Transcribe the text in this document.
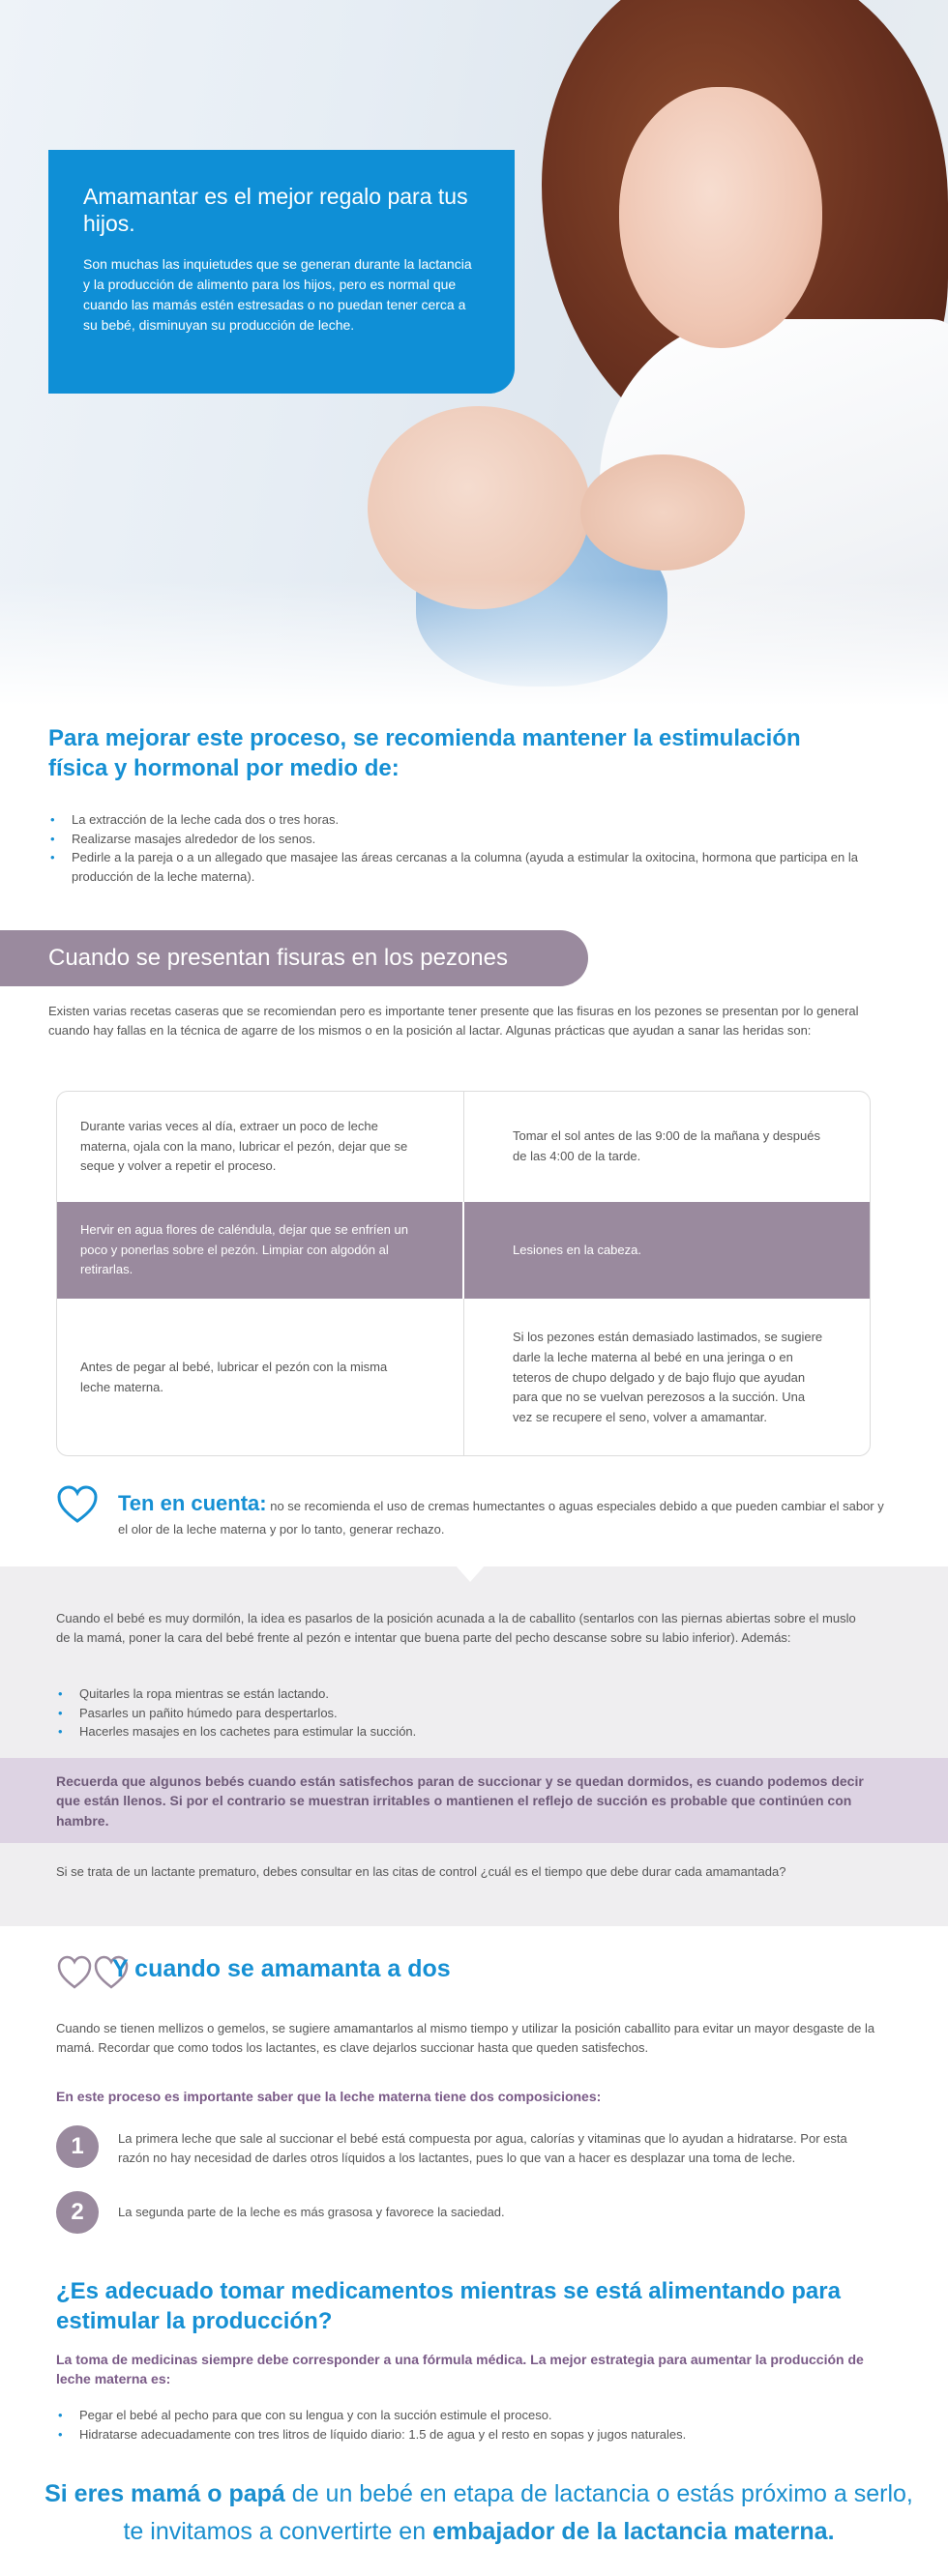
Amamantar es el mejor regalo para tus hijos.

Son muchas las inquietudes que se generan durante la lactancia y la producción de alimento para los hijos, pero es normal que cuando las mamás estén estresadas o no puedan tener cerca a su bebé, disminuyan su producción de leche.

Para mejorar este proceso, se recomienda mantener la estimulación física y hormonal por medio de:
• La extracción de la leche cada dos o tres horas.
• Realizarse masajes alrededor de los senos.
• Pedirle a la pareja o a un allegado que masajee las áreas cercanas a la columna (ayuda a estimular la oxitocina, hormona que participa en la producción de la leche materna).
Cuando se presentan fisuras en los pezones

Existen varias recetas caseras que se recomiendan pero es importante tener presente que las fisuras en los pezones se presentan por lo general cuando hay fallas en la técnica de agarre de los mismos o en la posición al lactar. Algunas prácticas que ayudan a sanar las heridas son:

Durante varias veces al día, extraer un poco de leche materna, ojala con la mano, lubricar el pezón, dejar que se seque y volver a repetir el proceso.
Tomar el sol antes de las 9:00 de la mañana y después de las 4:00 de la tarde.
Hervir en agua flores de caléndula, dejar que se enfríen un poco y ponerlas sobre el pezón. Limpiar con algodón al retirarlas.
Lesiones en la cabeza.
Antes de pegar al bebé, lubricar el pezón con la misma leche materna.
Si los pezones están demasiado lastimados, se sugiere darle la leche materna al bebé en una jeringa o en teteros de chupo delgado y de bajo flujo que ayudan para que no se vuelvan perezosos a la succión. Una vez se recupere el seno, volver a amamantar.

Ten en cuenta: no se recomienda el uso de cremas humectantes o aguas especiales debido a que pueden cambiar el sabor y el olor de la leche materna y por lo tanto, generar rechazo.

Cuando el bebé es muy dormilón, la idea es pasarlos de la posición acunada a la de caballito (sentarlos con las piernas abiertas sobre el muslo de la mamá, poner la cara del bebé frente al pezón e intentar que buena parte del pecho descanse sobre su labio inferior). Además:

• Quitarles la ropa mientras se están lactando.
• Pasarles un pañito húmedo para despertarlos.
• Hacerles masajes en los cachetes para estimular la succión.

Recuerda que algunos bebés cuando están satisfechos paran de succionar y se quedan dormidos, es cuando podemos decir que están llenos. Si por el contrario se muestran irritables o mantienen el reflejo de succión es probable que continúen con hambre.

Si se trata de un lactante prematuro, debes consultar en las citas de control ¿cuál es el tiempo que debe durar cada amamantada?

Y cuando se amamanta a dos

Cuando se tienen mellizos o gemelos, se sugiere amamantarlos al mismo tiempo y utilizar la posición caballito para evitar un mayor desgaste de la mamá. Recordar que como todos los lactantes, es clave dejarlos succionar hasta que queden satisfechos.

En este proceso es importante saber que la leche materna tiene dos composiciones:

1	La primera leche que sale al succionar el bebé está compuesta por agua, calorías y vitaminas que lo ayudan a hidratarse. Por esta razón no hay necesidad de darles otros líquidos a los lactantes, pues lo que van a hacer es desplazar una toma de leche.

2	La segunda parte de la leche es más grasosa y favorece la saciedad.

¿Es adecuado tomar medicamentos mientras se está alimentando para estimular la producción?

La toma de medicinas siempre debe corresponder a una fórmula médica. La mejor estrategia para aumentar la producción de leche materna es:

• Pegar el bebé al pecho para que con su lengua y con la succión estimule el proceso.
• Hidratarse adecuadamente con tres litros de líquido diario: 1.5 de agua y el resto en sopas y jugos naturales.

Si eres mamá o papá de un bebé en etapa de lactancia o estás próximo a serlo, te invitamos a convertirte en embajador de la lactancia materna.
